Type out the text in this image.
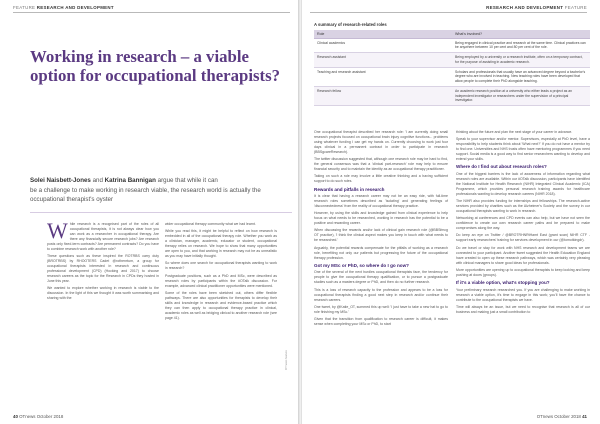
FEATURE RESEARCH AND DEVELOPMENT
Working in research – a viable option for occupational therapists?
Solei Naisbett-Jones and Katrina Bannigan argue that while it can
be a challenge to make working in research viable, the research world is actually the occupational therapist's oyster

While research is a recognised part of the roles of all occupational therapists, it is not always clear how you can work as a researcher in occupational therapy. Are there any financially secure research jobs? Are research posts only fixed-term contracts? Are permanent contracts? Do you have to combine research work with another role?

These questions such as these inspired the ROTRBS carry duty (BROTRBS) by RHOOTERS Cadet @rothenrtum, a group for occupational therapists interested in research and continuous professional development (CPD) (Hocking and 2017) to choose research careers as the topic for the Research in CPDs they hosted in June this year.

We wanted to explore whether working in research is viable to the discussion. In the light of this we thought it was worth summarising and sharing with the

wider occupational therapy community what we had learnt.

While you read this, it might be helpful to reflect on how research is embedded in all of the occupational therapy role. Whether you work as a clinician, manager, academic, educator or student, occupational therapy relies on research. We hope to show that many opportunities are open to you, and that working in research may not be as unrealistic as you may have initially thought.

So where does one search for occupational therapists wanting to work in research?

Postgraduate positions, such as a PhD and MSc, were described as research roles by participants within the #OTalk discussion. For example, advanced clinical practitioner opportunities were mentioned.

Some of the roles have been sketched out, others differ flexible pathways. There are also opportunities for therapists to develop their skills and knowledge in research and evidence-based practice which they can then apply to occupational therapy practice in clinical, academic roles as well as bridging clinical to another research role (see page 41).

OTnews feature
40 OTnews October 2018
RESEARCH AND DEVELOPMENT FEATURE
A summary of research-related roles
Role	What's involved?
Clinical academics	Being engaged in clinical practice and research at the same time. Clinical practices can be anywhere between 10 per cent and 80 per cent of the role.
Research assistant	Being employed by a university or a research institute, often on a temporary contract, for the purpose of assisting in academic research.
Teaching and research assistant	Scholars and professionals that usually have an advanced degree beyond a bachelor's degree who are involved in teaching. New teaching roles have been developed that allow people to complete their PhD alongside teaching.
Research fellow	An academic research position at a university who either leads a project as an independent investigator or researchers under the supervision of a principal investigator.

One occupational therapist described her research role: 'I am currently doing small research projects focused on occupational brain injury cognitive functions... problems using whatever funding I can get my hands on. Currently choosing to work just four days clinical in a permanent contract in order to participate in research (BBSgcareResearch).

The twitter discussion suggested that, although one research role may be hard to find, the general consensus was that a 'clinical part-research' role may help to ensure financial security and to maintain the identity as an occupational therapy practitioner.

Taking on such a role may involve a little creative thinking and a having sufficient support to do such roles.

Rewards and pitfalls in research

It is clear that having a research career may not be an easy ride, with full-time research roles sometimes described as 'isolating' and generating feelings of 'disconnectedness' from the reality of occupational therapy practice.

However, by using the skills and knowledge gained from clinical experience to help focus on what needs to be researched, working in research has the potential to be a positive and rewarding career.

When discussing the rewards and/or lack of clinical gain research role (@BBSfmcg OT practice), 'I think the clinical aspect makes you keep in touch with what needs to be researched.'

Arguably, the potential rewards compensate for the pitfalls of working as a research role, benefiting not only our patients but progressing the future of the occupational therapy profession.

Got my MSc or PhD, so where do I go now?

One of the several of the next hurdles occupational therapists face, the tendency for people to give the occupational therapy qualification, or to pursue a postgraduate studies such as a masters degree or PhD, and then do no further research.

This is a loss of research capacity to the profession and appears to be a loss for occupational therapists finding a good next step in research and/or continue their research careers.

One tweet, by @Katie_OT, summed this up well: 'I just have to take a new hat to go to role finishing my MSc.'

Given that the transition from qualification to research career is difficult, it makes sense when completing your MSc or PhD, to start

thinking about the future and plan the next stage of your career in advance.

Speak to your supervisor and/or mentor. Supervisors, especially at PhD level, have a responsibility to help students think about 'What next?' If you do not have a mentor try to find one. Universities and NHS trusts often have mentoring programmes if you need support. Social media is a good way to find senior researchers wanting to develop and extend your skills.

Where do I find out about research roles?

One of the biggest barriers is the lack of awareness of information regarding what research roles are available. Within our #OTalk discussion, participants have identified the National Institute for Health Research (NIHR) Integrated Clinical Academic (ICA) Programme, which provides personal research training awards for healthcare professionals wanting to develop research careers (NIHR 2018).

The NIHR also provides funding for internships and fellowships. The research-active services provided by charities such as the Alzheimer's Society and the survey in our occupational therapists wanting to work in research.

Networking at conferences and CPD events can also help, but we have not seen the confidence to create our own research career paths and be prepared to make compromises along the way.

Do keep an eye on Twitter / @BROTRHNRtHamt East (grant scan) NIHR CTF - support early researchers' training for services development in our (@tomotkingdr).

Do we travel or stay for work with NHS research and development teams we are connected to your participant. Another tweet suggested the Health Education England have created to open up these research pathways, which was certainly very pleasing with clinical managers to share good ideas for professionals.

More opportunities are opening up to occupational therapists to keep looking and keep pushing at doors (groups).

If it's a viable option, what's stopping you?

Your preliminary research researched you. If you are challenging to make working in research a viable option, it's time to engage in this work; you'll have the chance to contribute to the occupational therapists we have.

Time will always be an issue, but we need to recognise that research is all of our business and making just a small contribution to

OTnews October 2018 41
